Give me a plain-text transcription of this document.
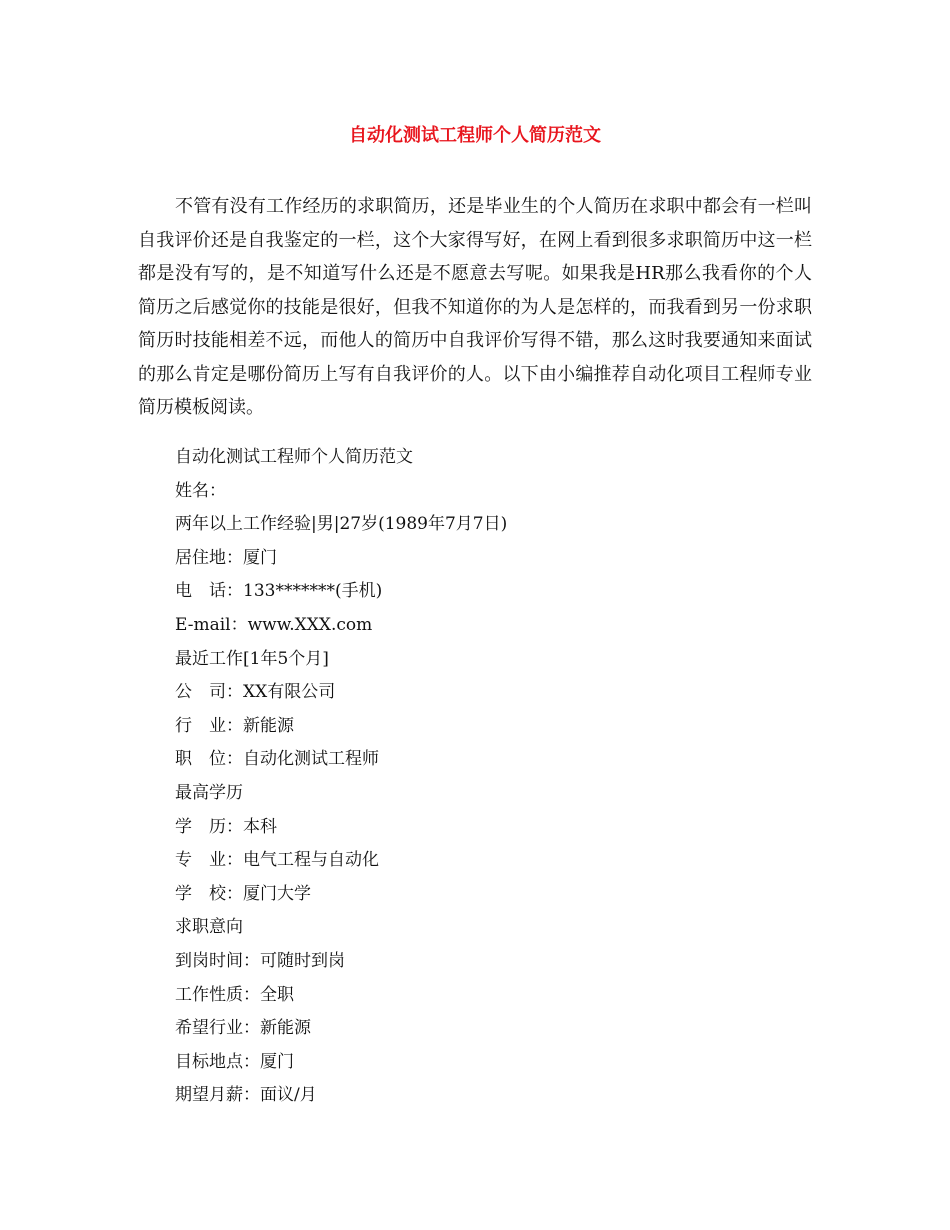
自动化测试工程师个人简历范文

不管有没有工作经历的求职简历，还是毕业生的个人简历在求职中都会有一栏叫自我评价还是自我鉴定的一栏，这个大家得写好，在网上看到很多求职简历中这一栏都是没有写的，是不知道写什么还是不愿意去写呢。如果我是HR那么我看你的个人简历之后感觉你的技能是很好，但我不知道你的为人是怎样的，而我看到另一份求职简历时技能相差不远，而他人的简历中自我评价写得不错，那么这时我要通知来面试的那么肯定是哪份简历上写有自我评价的人。以下由小编推荐自动化项目工程师专业简历模板阅读。

自动化测试工程师个人简历范文
姓名：
两年以上工作经验|男|27岁(1989年7月7日)
居住地：厦门
电　话：133*******(手机)
E-mail：www.XXX.com
最近工作[1年5个月]
公　司：XX有限公司
行　业：新能源
职　位：自动化测试工程师
最高学历
学　历：本科
专　业：电气工程与自动化
学　校：厦门大学
求职意向
到岗时间：可随时到岗
工作性质：全职
希望行业：新能源
目标地点：厦门
期望月薪：面议/月
